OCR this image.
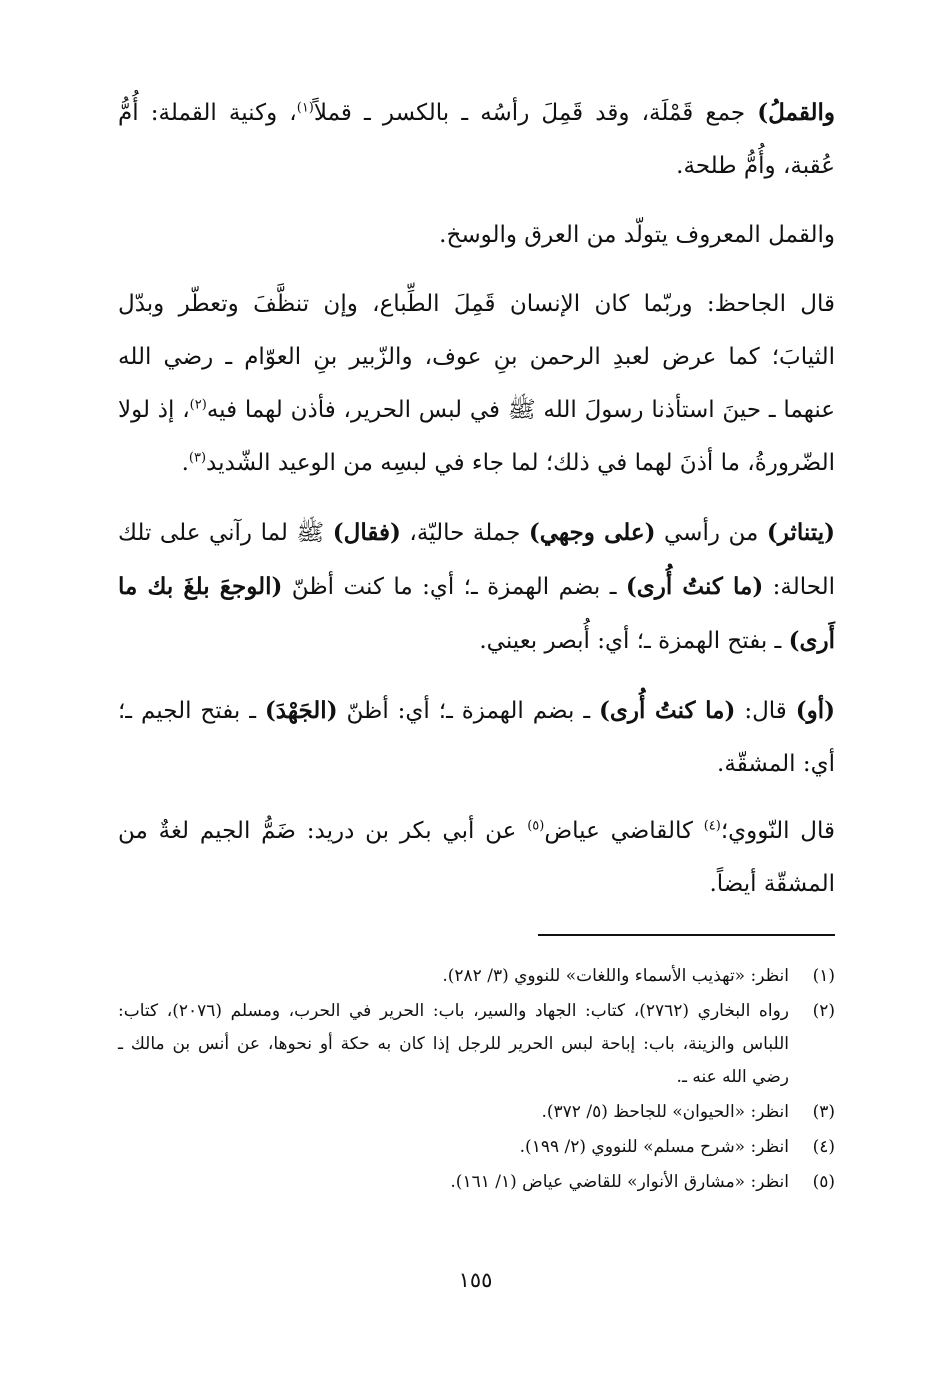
والقملُ) جمع قَمْلَة، وقد قَمِلَ رأسُه ـ بالكسر ـ قملاً$^{(١)}$، وكنية القملة: أُمُّ عُقبة، وأُمُّ طلحة.

والقمل المعروف يتولّد من العرق والوسخ.

قال الجاحظ: وربّما كان الإنسان قَمِلَ الطِّباع، وإن تنظَّفَ وتعطّر وبدّل الثيابَ؛ كما عرض لعبدِ الرحمن بنِ عوف، والزّبير بنِ العوّام ـ رضي الله عنهما ـ حينَ استأذنا رسولَ الله ﷺ في لبس الحرير، فأذن لهما فيه$^{(٢)}$، إذ لولا الضّرورةُ، ما أذنَ لهما في ذلك؛ لما جاء في لبسِه من الوعيد الشّديد$^{(٣)}$.

(يتناثر) من رأسي (على وجهي) جملة حاليّة، (فقال) ﷺ لما رآني على تلك الحالة: (ما كنتُ أُرى) ـ بضم الهمزة ـ؛ أي: ما كنت أظنّ (الوجعَ بلغَ بك ما أَرى) ـ بفتح الهمزة ـ؛ أي: أُبصر بعيني.

(أو) قال: (ما كنتُ أُرى) ـ بضم الهمزة ـ؛ أي: أظنّ (الجَهْدَ) ـ بفتح الجيم ـ؛ أي: المشقّة.

قال النّووي؛$^{(٤)}$ كالقاضي عياض$^{(٥)}$ عن أبي بكر بن دريد: ضَمُّ الجيم لغةٌ من المشقّة أيضاً.

(١)
انظر: «تهذيب الأسماء واللغات» للنووي (٣/ ٢٨٢).
(٢)
رواه البخاري (٢٧٦٢)، كتاب: الجهاد والسير، باب: الحرير في الحرب، ومسلم (٢٠٧٦)، كتاب: اللباس والزينة، باب: إباحة لبس الحرير للرجل إذا كان به حكة أو نحوها، عن أنس بن مالك ـ رضي الله عنه ـ.
(٣)
انظر: «الحيوان» للجاحظ (٥/ ٣٧٢).
(٤)
انظر: «شرح مسلم» للنووي (٢/ ١٩٩).
(٥)
انظر: «مشارق الأنوار» للقاضي عياض (١/ ١٦١).
١٥٥
